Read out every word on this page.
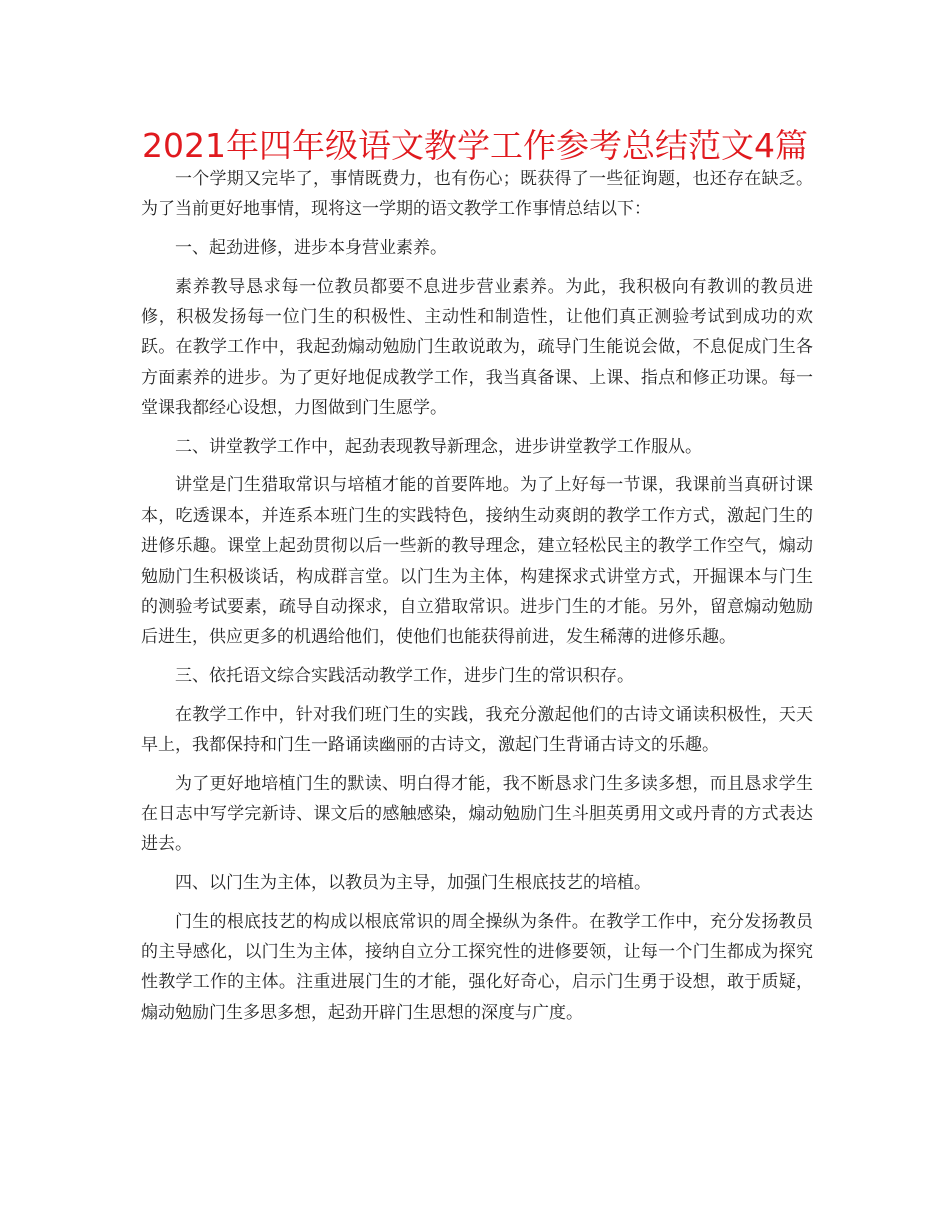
2021年四年级语文教学工作参考总结范文4篇

一个学期又完毕了，事情既费力，也有伤心；既获得了一些征询题，也还存在缺乏。为了当前更好地事情，现将这一学期的语文教学工作事情总结以下：

一、起劲进修，进步本身营业素养。

素养教导恳求每一位教员都要不息进步营业素养。为此，我积极向有教训的教员进修，积极发扬每一位门生的积极性、主动性和制造性，让他们真正测验考试到成功的欢跃。在教学工作中，我起劲煽动勉励门生敢说敢为，疏导门生能说会做，不息促成门生各方面素养的进步。为了更好地促成教学工作，我当真备课、上课、指点和修正功课。每一堂课我都经心设想，力图做到门生愿学。

二、讲堂教学工作中，起劲表现教导新理念，进步讲堂教学工作服从。

讲堂是门生猎取常识与培植才能的首要阵地。为了上好每一节课，我课前当真研讨课本，吃透课本，并连系本班门生的实践特色，接纳生动爽朗的教学工作方式，激起门生的进修乐趣。课堂上起劲贯彻以后一些新的教导理念，建立轻松民主的教学工作空气，煽动勉励门生积极谈话，构成群言堂。以门生为主体，构建探求式讲堂方式，开掘课本与门生的测验考试要素，疏导自动探求，自立猎取常识。进步门生的才能。另外，留意煽动勉励后进生，供应更多的机遇给他们，使他们也能获得前进，发生稀薄的进修乐趣。

三、依托语文综合实践活动教学工作，进步门生的常识积存。

在教学工作中，针对我们班门生的实践，我充分激起他们的古诗文诵读积极性，天天早上，我都保持和门生一路诵读幽丽的古诗文，激起门生背诵古诗文的乐趣。

为了更好地培植门生的默读、明白得才能，我不断恳求门生多读多想，而且恳求学生在日志中写学完新诗、课文后的感触感染，煽动勉励门生斗胆英勇用文或丹青的方式表达进去。

四、以门生为主体，以教员为主导，加强门生根底技艺的培植。

门生的根底技艺的构成以根底常识的周全操纵为条件。在教学工作中，充分发扬教员的主导感化，以门生为主体，接纳自立分工探究性的进修要领，让每一个门生都成为探究性教学工作的主体。注重进展门生的才能，强化好奇心，启示门生勇于设想，敢于质疑，煽动勉励门生多思多想，起劲开辟门生思想的深度与广度。
